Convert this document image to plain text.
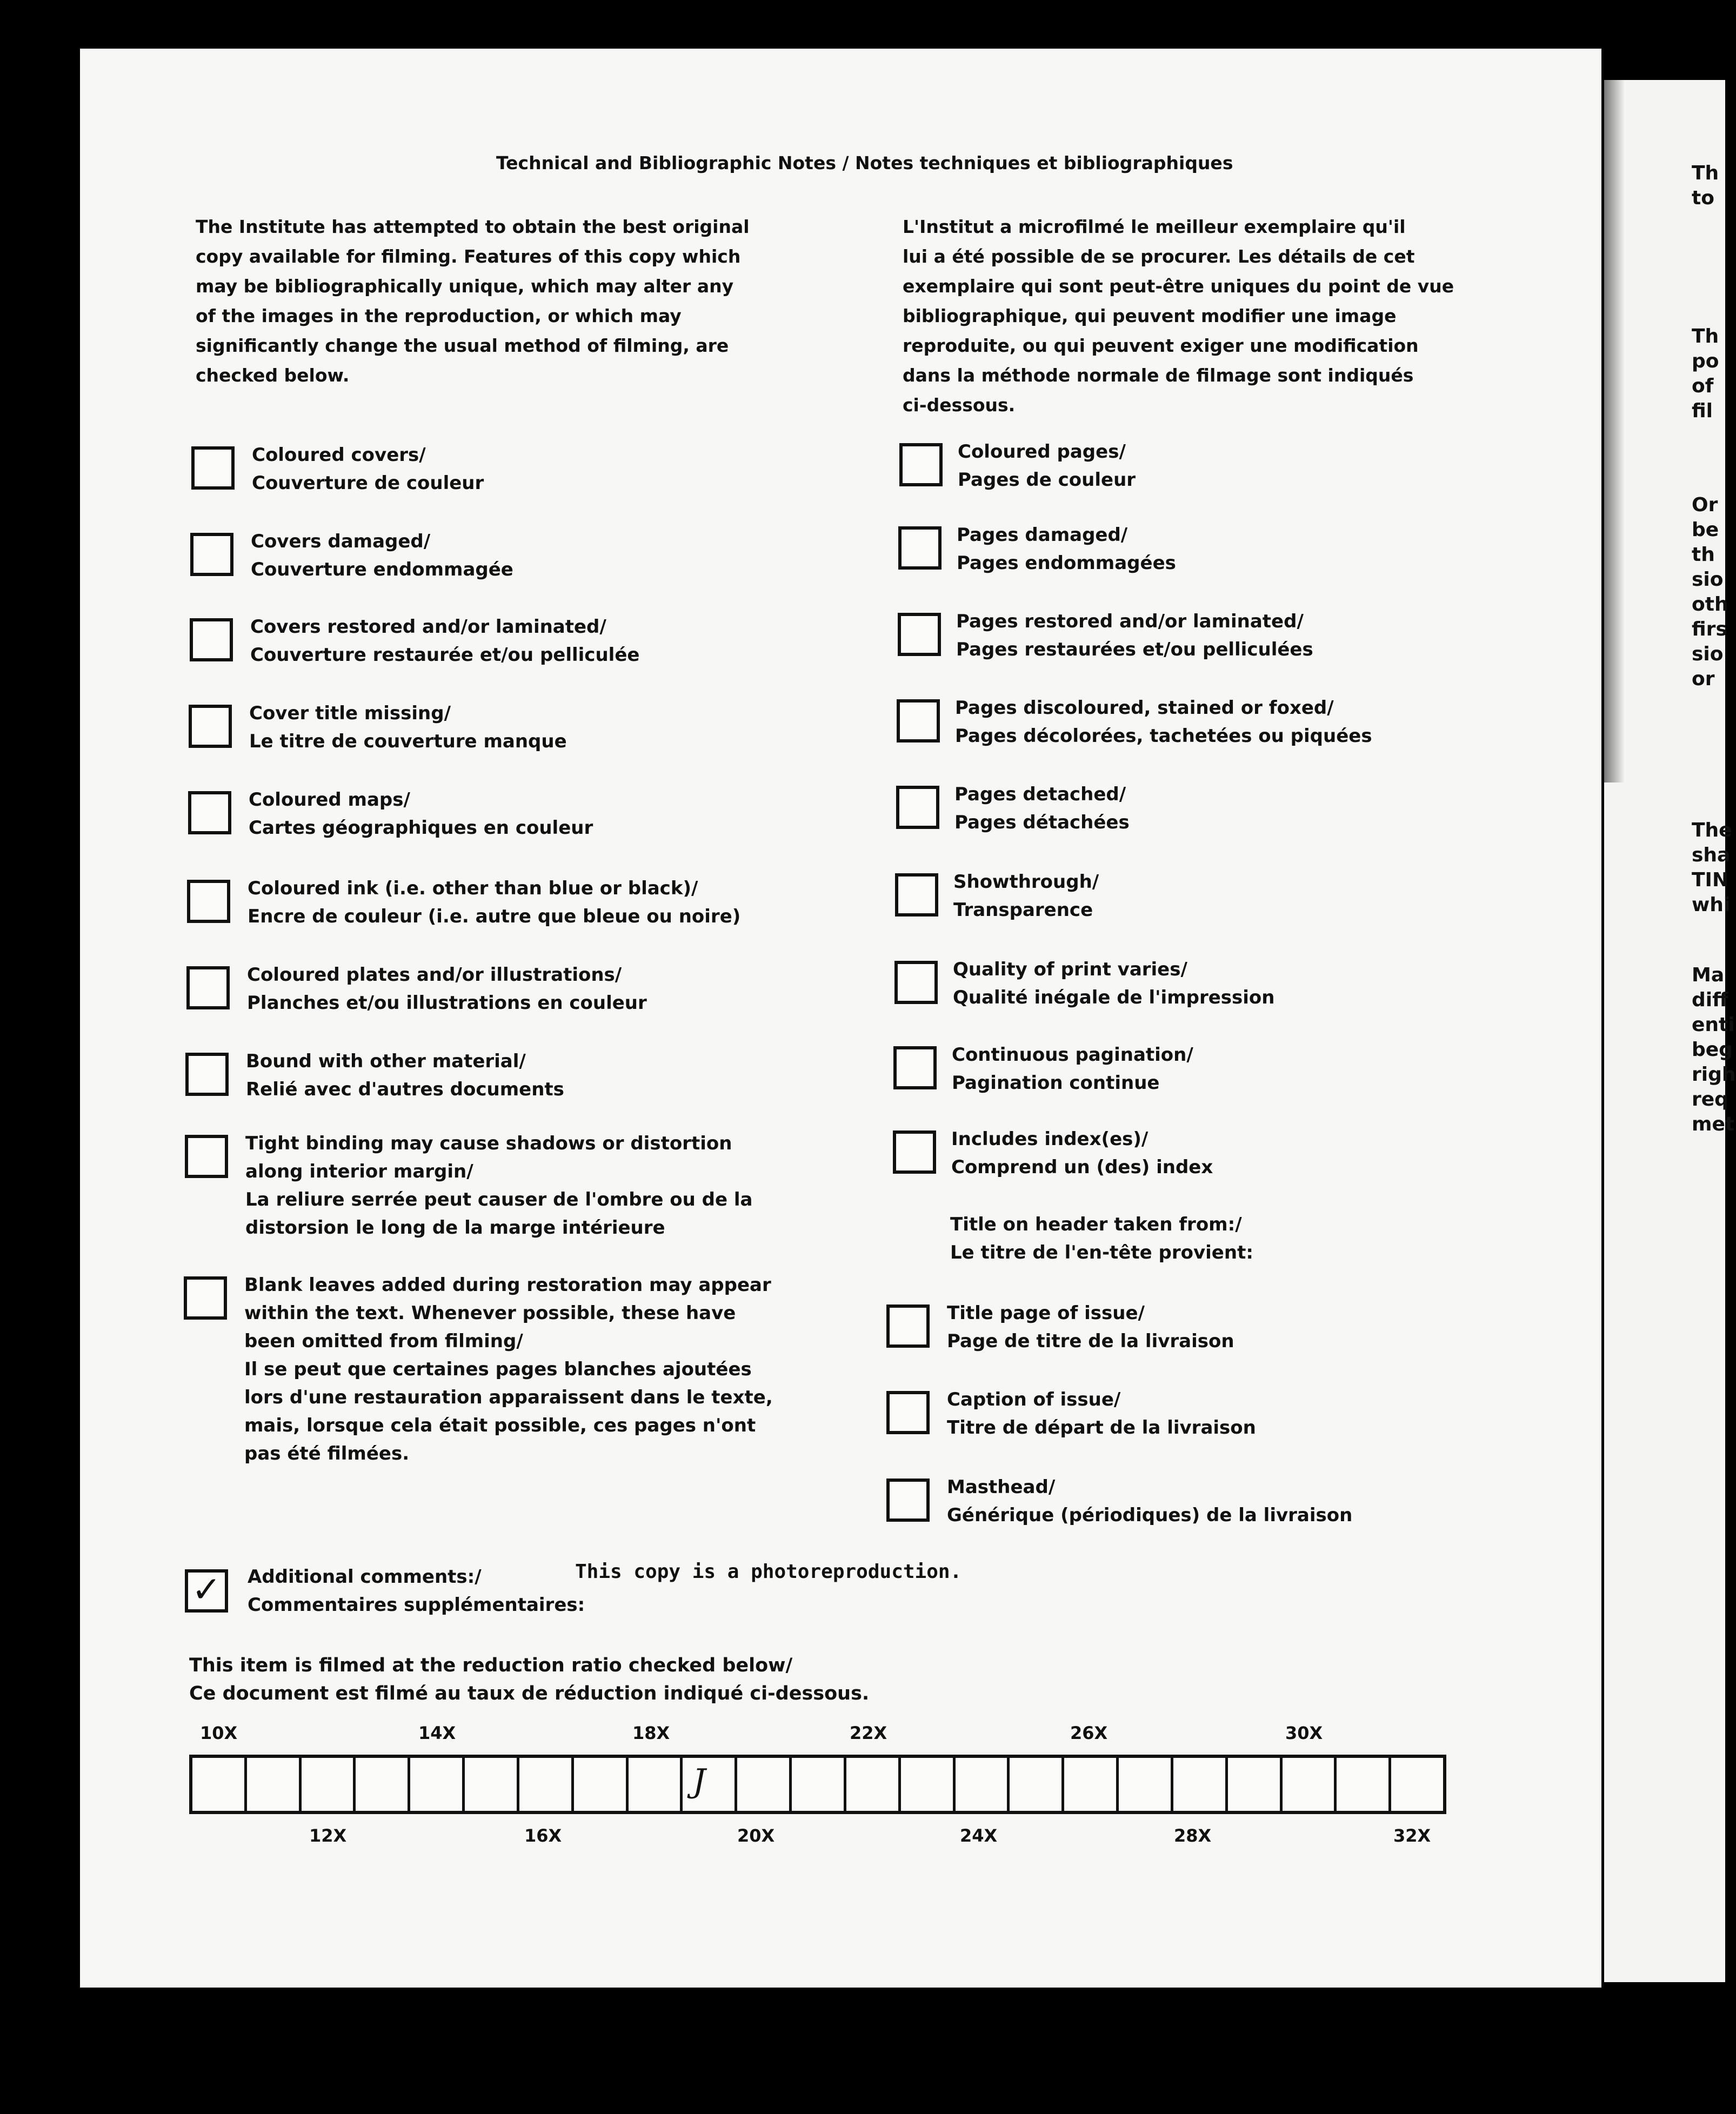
Technical and Bibliographic Notes / Notes techniques et bibliographiques
The Institute has attempted to obtain the best original
copy available for filming. Features of this copy which
may be bibliographically unique, which may alter any
of the images in the reproduction, or which may
significantly change the usual method of filming, are
checked below.
L'Institut a microfilmé le meilleur exemplaire qu'il
lui a été possible de se procurer. Les détails de cet
exemplaire qui sont peut-être uniques du point de vue
bibliographique, qui peuvent modifier une image
reproduite, ou qui peuvent exiger une modification
dans la méthode normale de filmage sont indiqués
ci-dessous.
Coloured covers/
Couverture de couleur
Covers damaged/
Couverture endommagée
Covers restored and/or laminated/
Couverture restaurée et/ou pelliculée
Cover title missing/
Le titre de couverture manque
Coloured maps/
Cartes géographiques en couleur
Coloured ink (i.e. other than blue or black)/
Encre de couleur (i.e. autre que bleue ou noire)
Coloured plates and/or illustrations/
Planches et/ou illustrations en couleur
Bound with other material/
Relié avec d'autres documents
Tight binding may cause shadows or distortion
along interior margin/
La reliure serrée peut causer de l'ombre ou de la
distorsion le long de la marge intérieure
Blank leaves added during restoration may appear
within the text. Whenever possible, these have
been omitted from filming/
Il se peut que certaines pages blanches ajoutées
lors d'une restauration apparaissent dans le texte,
mais, lorsque cela était possible, ces pages n'ont
pas été filmées.
Coloured pages/
Pages de couleur
Pages damaged/
Pages endommagées
Pages restored and/or laminated/
Pages restaurées et/ou pelliculées
Pages discoloured, stained or foxed/
Pages décolorées, tachetées ou piquées
Pages detached/
Pages détachées
Showthrough/
Transparence
Quality of print varies/
Qualité inégale de l'impression
Continuous pagination/
Pagination continue
Includes index(es)/
Comprend un (des) index
Title page of issue/
Page de titre de la livraison
Caption of issue/
Titre de départ de la livraison
Masthead/
Générique (périodiques) de la livraison
Title on header taken from:/
Le titre de l'en-tête provient:
✓	Additional comments:/
Commentaires supplémentaires:
This copy is a photoreproduction.
This item is filmed at the reduction ratio checked below/
Ce document est filmé au taux de réduction indiqué ci-dessous.
10X	14X	18X	22X	26X	30X
J
12X	16X	20X	24X	28X	32X
Th
to
Th
po
of
fil
Or
be
th
sio
oth
firs
sio
or
The
sha
TIN
whi
Ma
diff
enti
beg
righ
req
met
